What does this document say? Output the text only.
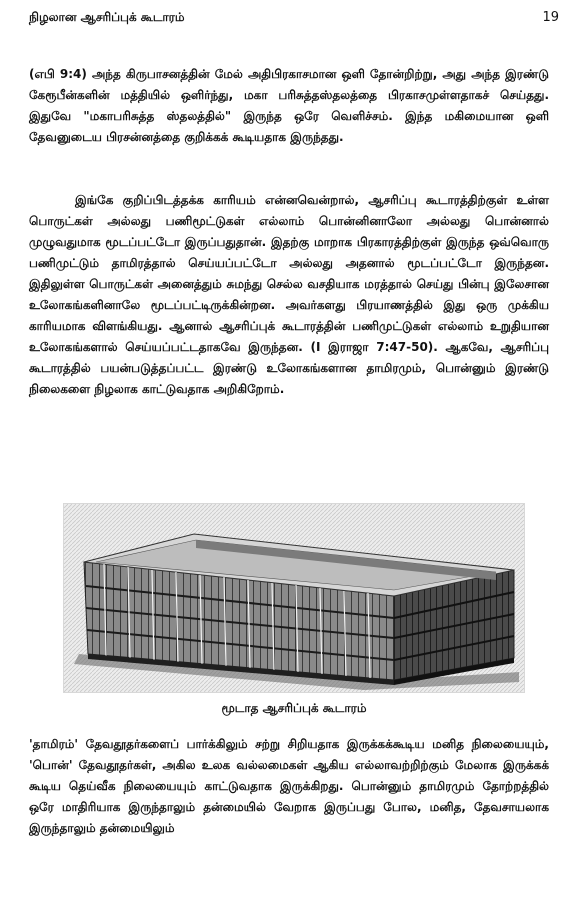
நிழலான ஆசரிப்புக் கூடாரம்	19

(எபி 9:4) அந்த கிருபாசனத்தின் மேல் அதிபிரகாசமான ஒளி தோன்றிற்று, அது அந்த இரண்டு கேரூபீன்களின் மத்தியில் ஒளிர்ந்து, மகா பரிசுத்தஸ்தலத்தை பிரகாசமுள்ளதாகச் செய்தது. இதுவே "மகாபரிசுத்த ஸ்தலத்தில்" இருந்த ஒரே வெளிச்சம். இந்த மகிமையான ஒளி தேவனுடைய பிரசன்னத்தை குறிக்கக் கூடியதாக இருந்தது.

இங்கே குறிப்பிடத்தக்க காரியம் என்னவென்றால், ஆசரிப்பு கூடாரத்திற்குள் உள்ள பொருட்கள் அல்லது பணிமூட்டுகள் எல்லாம் பொன்னினாலோ அல்லது பொன்னால் முழுவதுமாக மூடப்பட்டோ இருப்பதுதான். இதற்கு மாறாக பிரகாரத்திற்குள் இருந்த ஒவ்வொரு பணிமுட்டும் தாமிரத்தால் செய்யப்பட்டோ அல்லது அதனால் மூடப்பட்டோ இருந்தன. இதிலுள்ள பொருட்கள் அனைத்தும் சுமந்து செல்ல வசதியாக மரத்தால் செய்து பின்பு இலேசான உலோகங்களினாலே மூடப்பட்டிருக்கின்றன. அவர்களது பிரயாணத்தில் இது ஒரு முக்கிய காரியமாக விளங்கியது. ஆனால் ஆசரிப்புக் கூடாரத்தின் பணிமுட்டுகள் எல்லாம் உறுதியான உலோகங்களால் செய்யப்பட்டதாகவே இருந்தன. (I இராஜா 7:47-50). ஆகவே, ஆசரிப்பு கூடாரத்தில் பயன்படுத்தப்பட்ட இரண்டு உலோகங்களான தாமிரமும், பொன்னும் இரண்டு நிலைகளை நிழலாக காட்டுவதாக அறிகிறோம்.

மூடாத ஆசரிப்புக் கூடாரம்

'தாமிரம்' தேவதூதர்களைப் பார்க்கிலும் சற்று சிறியதாக இருக்கக்கூடிய மனித நிலையையும், 'பொன்' தேவதூதர்கள், அகில உலக வல்லமைகள் ஆகிய எல்லாவற்றிற்கும் மேலாக இருக்கக் கூடிய தெய்வீக நிலையையும் காட்டுவதாக இருக்கிறது. பொன்னும் தாமிரமும் தோற்றத்தில் ஒரே மாதிரியாக இருந்தாலும் தன்மையில் வேறாக இருப்பது போல, மனித, தேவசாயலாக இருந்தாலும் தன்மையிலும்
